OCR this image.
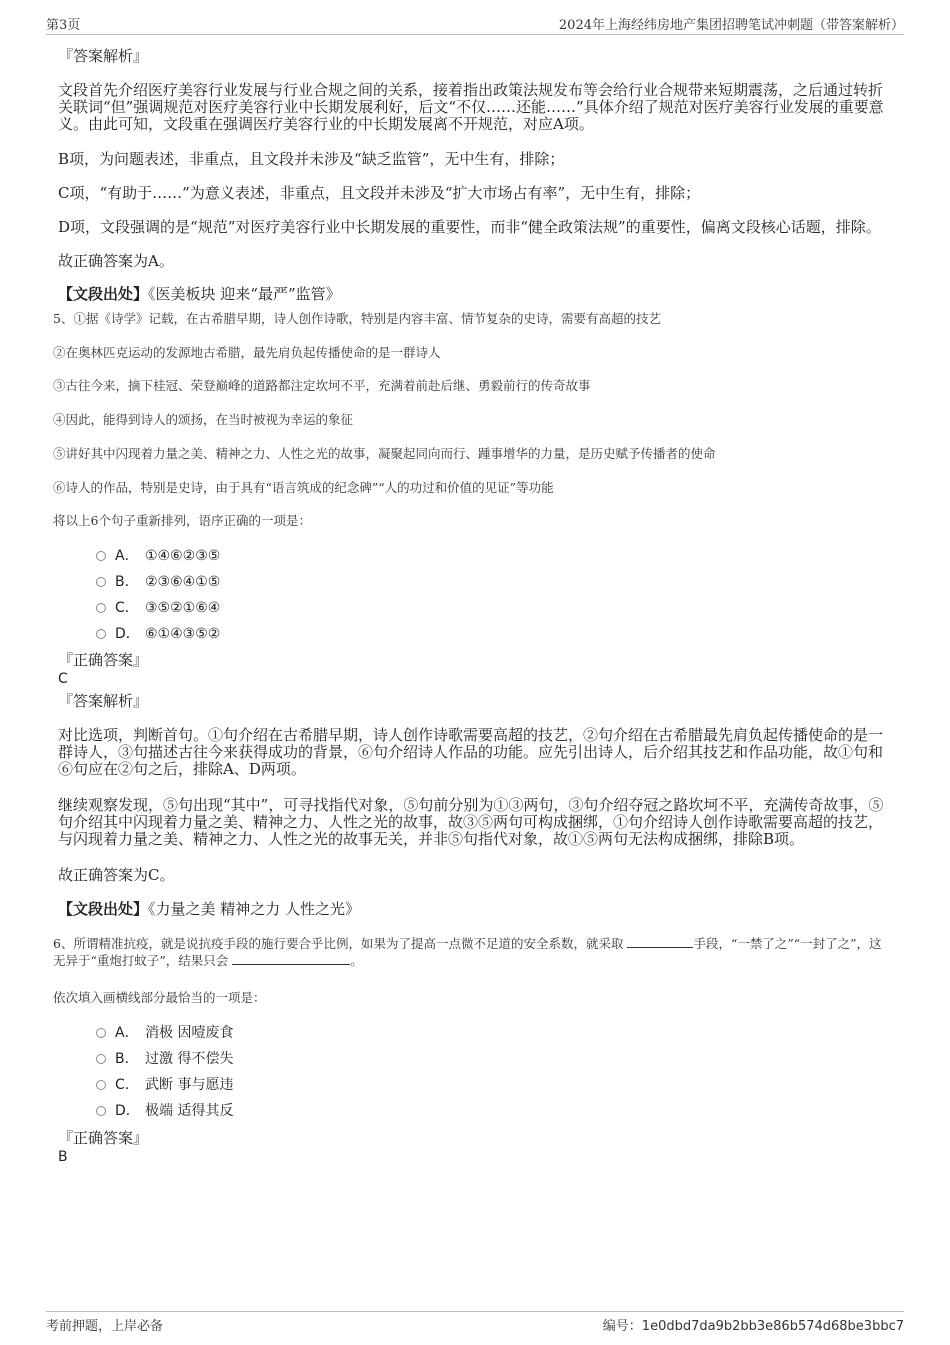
第3页	2024年上海经纬房地产集团招聘笔试冲刺题（带答案解析）

『答案解析』

文段首先介绍医疗美容行业发展与行业合规之间的关系，接着指出政策法规发布等会给行业合规带来短期震荡，之后通过转折关联词“但”强调规范对医疗美容行业中长期发展利好，后文“不仅……还能……”具体介绍了规范对医疗美容行业发展的重要意义。由此可知，文段重在强调医疗美容行业的中长期发展离不开规范，对应A项。

B项，为问题表述，非重点，且文段并未涉及“缺乏监管”，无中生有，排除；

C项，“有助于……”为意义表述，非重点，且文段并未涉及“扩大市场占有率”，无中生有，排除；

D项，文段强调的是“规范”对医疗美容行业中长期发展的重要性，而非“健全政策法规”的重要性，偏离文段核心话题，排除。

故正确答案为A。

【文段出处】《医美板块 迎来“最严”监管》

5、①据《诗学》记载，在古希腊早期，诗人创作诗歌，特别是内容丰富、情节复杂的史诗，需要有高超的技艺

②在奥林匹克运动的发源地古希腊，最先肩负起传播使命的是一群诗人

③古往今来，摘下桂冠、荣登巅峰的道路都注定坎坷不平，充满着前赴后继、勇毅前行的传奇故事

④因此，能得到诗人的颂扬，在当时被视为幸运的象征

⑤讲好其中闪现着力量之美、精神之力、人性之光的故事，凝聚起同向而行、踵事增华的力量，是历史赋予传播者的使命

⑥诗人的作品，特别是史诗，由于具有“语言筑成的纪念碑”“人的功过和价值的见证”等功能

将以上6个句子重新排列，语序正确的一项是：

A． ①④⑥②③⑤
B． ②③⑥④①⑤
C． ③⑤②①⑥④
D． ⑥①④③⑤②

『正确答案』

C

『答案解析』

对比选项，判断首句。①句介绍在古希腊早期，诗人创作诗歌需要高超的技艺，②句介绍在古希腊最先肩负起传播使命的是一群诗人，③句描述古往今来获得成功的背景，⑥句介绍诗人作品的功能。应先引出诗人，后介绍其技艺和作品功能，故①句和⑥句应在②句之后，排除A、D两项。

继续观察发现，⑤句出现“其中”，可寻找指代对象，⑤句前分别为①③两句，③句介绍夺冠之路坎坷不平，充满传奇故事，⑤句介绍其中闪现着力量之美、精神之力、人性之光的故事，故③⑤两句可构成捆绑，①句介绍诗人创作诗歌需要高超的技艺，与闪现着力量之美、精神之力、人性之光的故事无关，并非⑤句指代对象，故①⑤两句无法构成捆绑，排除B项。

故正确答案为C。

【文段出处】《力量之美 精神之力 人性之光》

6、所谓精准抗疫，就是说抗疫手段的施行要合乎比例，如果为了提高一点微不足道的安全系数，就采取	手段，“一禁了之”“一封了之”，这无异于“重炮打蚊子”，结果只会	。

依次填入画横线部分最恰当的一项是：

A． 消极 因噎废食
B． 过激 得不偿失
C． 武断 事与愿违
D． 极端 适得其反

『正确答案』

B

考前押题，上岸必备	编号：1e0dbd7da9b2bb3e86b574d68be3bbc7
